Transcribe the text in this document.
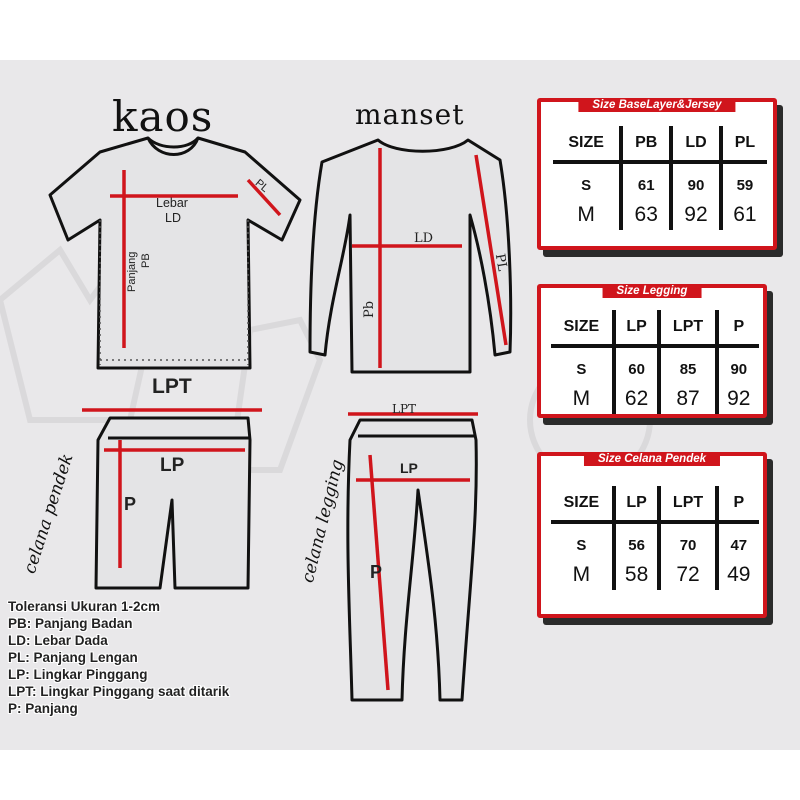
kaos	manset
celana pendek	celana legging
Lebar
LD
PL
Panjang PB
LD
PL
Pb
LPT
LP
P
LPT
LP
P
Toleransi Ukuran 1-2cm
PB: Panjang Badan
LD: Lebar Dada
PL: Panjang Lengan
LP: Lingkar Pinggang
LPT: Lingkar Pinggang saat ditarik
P: Panjang
Size BaseLayer&Jersey
SIZE	PB	LD	PL
S	61	90	59
M	63	92	61
Size Legging
SIZE	LP	LPT	P
S	60	85	90
M	62	87	92
Size Celana Pendek
SIZE	LP	LPT	P
S	56	70	47
M	58	72	49
